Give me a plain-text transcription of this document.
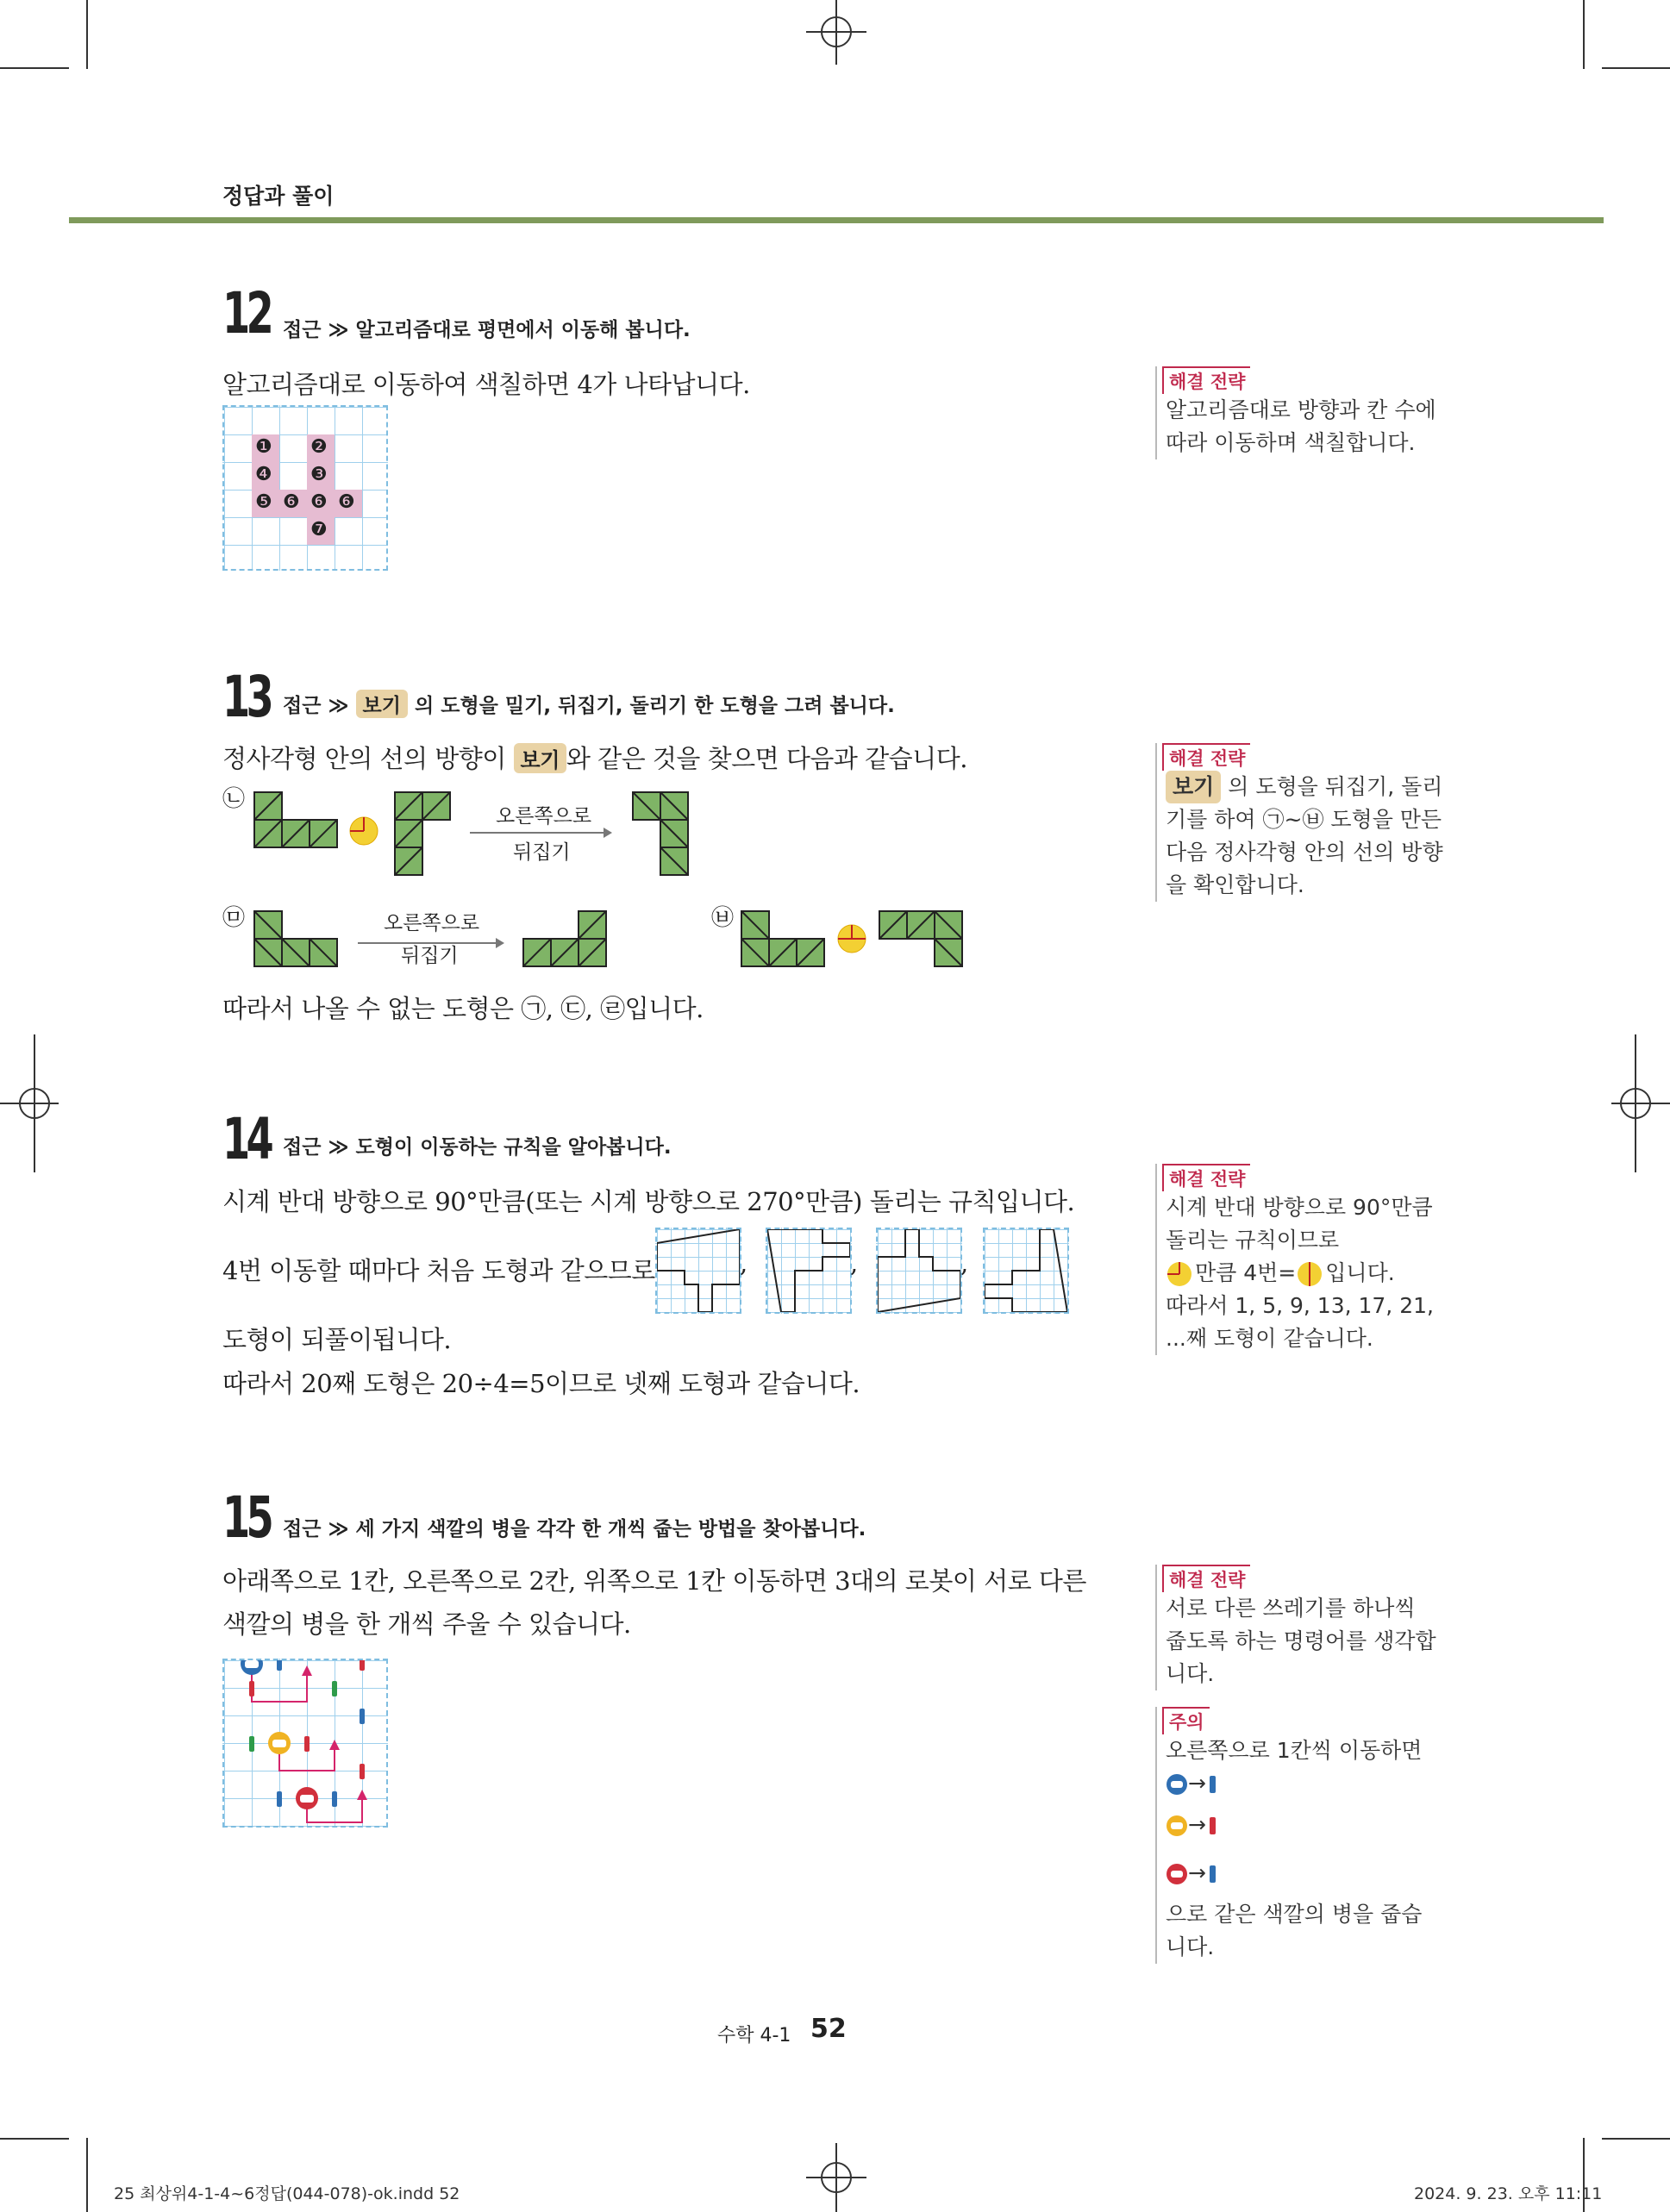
정답과 풀이
12 접근 ≫ 알고리즘대로 평면에서 이동해 봅니다.
알고리즘대로 이동하여 색칠하면 4가 나타납니다.
❶ ❷
❹ ❸
❺ ❻ ❻ ❻
❼
해결 전략
알고리즘대로 방향과 칸 수에
따라 이동하며 색칠합니다.
13 접근 ≫ 보기 의 도형을 밀기, 뒤집기, 돌리기 한 도형을 그려 봅니다.
정사각형 안의 선의 방향이 보기 와 같은 것을 찾으면 다음과 같습니다.
㉡
오른쪽으로
뒤집기
㉤	오른쪽으로
뒤집기
㉥
따라서 나올 수 없는 도형은 ㉠, ㉢, ㉣입니다.
해결 전략
보기 의 도형을 뒤집기, 돌리
기를 하여 ㉠~㉥ 도형을 만든
다음 정사각형 안의 선의 방향
을 확인합니다.
14 접근 ≫ 도형이 이동하는 규칙을 알아봅니다.
시계 반대 방향으로 90°만큼(또는 시계 방향으로 270°만큼) 돌리는 규칙입니다.
4번 이동할 때마다 처음 도형과 같으므로	,	,	,
도형이 되풀이됩니다.
따라서 20째 도형은 20÷4=5이므로 넷째 도형과 같습니다.
해결 전략
시계 반대 방향으로 90°만큼
돌리는 규칙이므로
만큼 4번= 입니다.
따라서 1, 5, 9, 13, 17, 21,
...째 도형이 같습니다.
15 접근 ≫ 세 가지 색깔의 병을 각각 한 개씩 줍는 방법을 찾아봅니다.
아래쪽으로 1칸, 오른쪽으로 2칸, 위쪽으로 1칸 이동하면 3대의 로봇이 서로 다른
색깔의 병을 한 개씩 주울 수 있습니다.
해결 전략
서로 다른 쓰레기를 하나씩
줍도록 하는 명령어를 생각합
니다.
주의
오른쪽으로 1칸씩 이동하면
→
→
→
으로 같은 색깔의 병을 줍습
니다.
수학 4-1 52
25 최상위4-1-4~6정답(044-078)-ok.indd 52	2024. 9. 23. 오후 11:11
